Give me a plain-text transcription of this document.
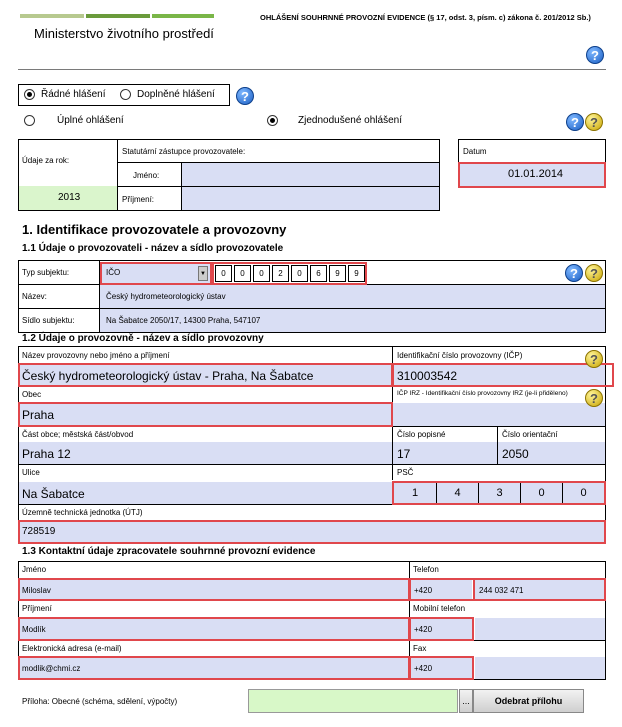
Ministerstvo životního prostředí
OHLÁŠENÍ SOUHRNNÉ PROVOZNÍ EVIDENCE (§ 17, odst. 3, písm. c) zákona č. 201/2012 Sb.)
?
Řádné hlášení	Doplněné hlášení	?
Úplné ohlášení	Zjednodušené ohlášení	? ?
Údaje za rok:
2013
Statutární zástupce provozovatele:
Jméno:
Příjmení:
Datum
01.01.2014
1. Identifikace provozovatele a provozovny
1.1 Údaje o provozovateli - název a sídlo provozovatele
Typ subjektu:	IČO	▼	0	0	0	2	0	6	9	9	? ?
Název:	Český hydrometeorologický ústav
Sídlo subjektu:	Na Šabatce 2050/17, 14300 Praha, 547107
1.2 Údaje o provozovně - název a sídlo provozovny
Název provozovny nebo jméno a příjmení
Český hydrometeorologický ústav - Praha, Na Šabatce
Identifikační číslo provozovny (IČP)
310003542
?
Obec
Praha
IČP IRZ - Identifikační číslo provozovny IRZ (je-li přiděleno)	?
Část obce; městská část/obvod
Praha 12
Číslo popisné
17
Číslo orientační
2050
Ulice
Na Šabatce
PSČ
1	4	3	0	0
Územně technická jednotka (ÚTJ)
728519
1.3 Kontaktní údaje zpracovatele souhrnné provozní evidence
Jméno
Miloslav
Telefon
+420	244 032 471
Příjmení
Modlík
Mobilní telefon
+420
Elektronická adresa (e-mail)
modlik@chmi.cz
Fax
+420
Příloha: Obecné (schéma, sdělení, výpočty)	...	Odebrat přílohu
